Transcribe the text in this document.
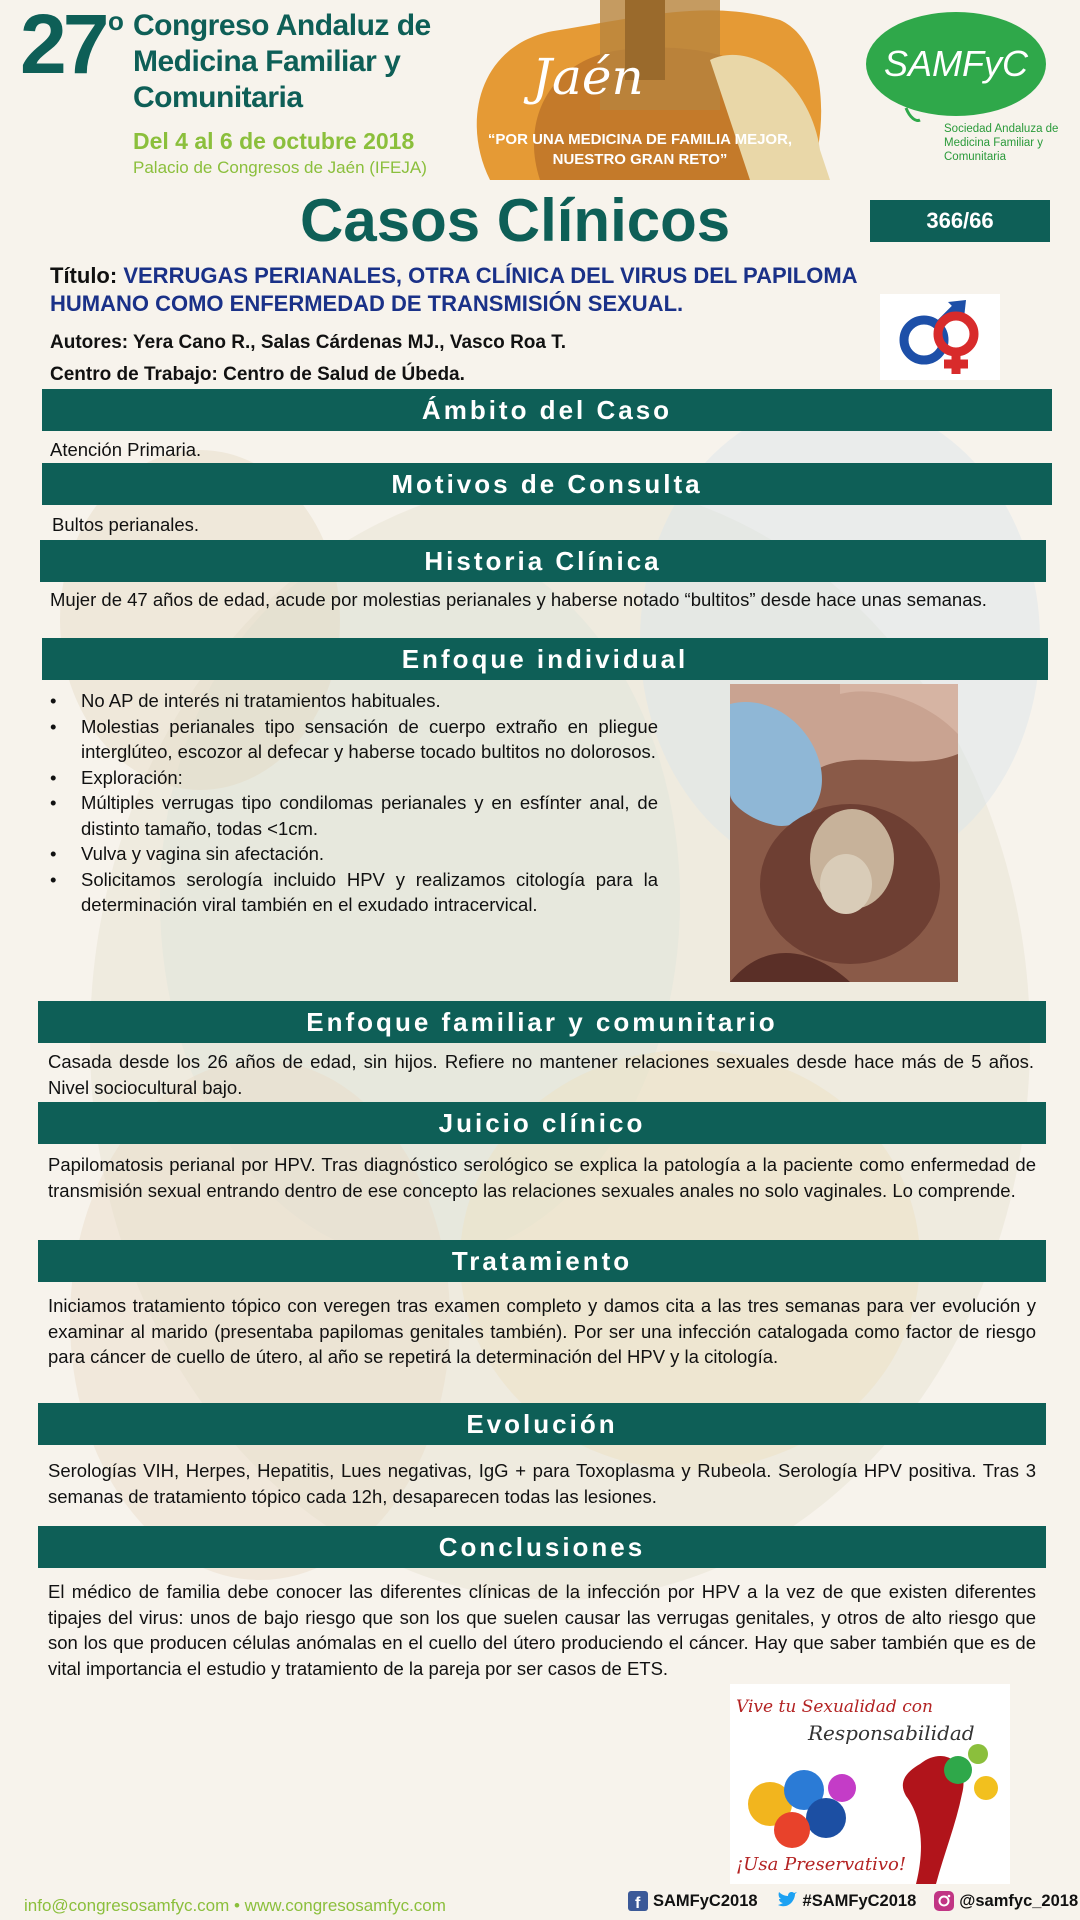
27 o Congreso Andaluz de Medicina Familiar y Comunitaria
Del 4 al 6 de octubre 2018
Palacio de Congresos de Jaén (IFEJA)
Jaén
“POR UNA MEDICINA DE FAMILIA MEJOR, NUESTRO GRAN RETO”
SAMFyC
Sociedad Andaluza de Medicina Familiar y Comunitaria
Casos Clínicos	366/66
Título: VERRUGAS PERIANALES, OTRA CLÍNICA DEL VIRUS DEL PAPILOMA HUMANO COMO ENFERMEDAD DE TRANSMISIÓN SEXUAL.
Autores: Yera Cano R., Salas Cárdenas MJ., Vasco Roa T.
Centro de Trabajo: Centro de Salud de Úbeda.
Ámbito del Caso
Atención Primaria.
Motivos de Consulta
Bultos perianales.
Historia Clínica
Mujer de 47 años de edad, acude por molestias perianales y haberse notado “bultitos” desde hace unas semanas.
Enfoque individual
• No AP de interés ni tratamientos habituales.
• Molestias perianales tipo sensación de cuerpo extraño en pliegue interglúteo, escozor al defecar y haberse tocado bultitos no dolorosos.
• Exploración:
• Múltiples verrugas tipo condilomas perianales y en esfínter anal, de distinto tamaño, todas <1cm.
• Vulva y vagina sin afectación.
• Solicitamos serología incluido HPV y realizamos citología para la determinación viral también en el exudado intracervical.
Enfoque familiar y comunitario
Casada desde los 26 años de edad, sin hijos. Refiere no mantener relaciones sexuales desde hace más de 5 años. Nivel sociocultural bajo.
Juicio clínico
Papilomatosis perianal por HPV. Tras diagnóstico serológico se explica la patología a la paciente como enfermedad de transmisión sexual entrando dentro de ese concepto las relaciones sexuales anales no solo vaginales. Lo comprende.
Tratamiento
Iniciamos tratamiento tópico con veregen tras examen completo y damos cita a las tres semanas para ver evolución y examinar al marido (presentaba papilomas genitales también). Por ser una infección catalogada como factor de riesgo para cáncer de cuello de útero, al año se repetirá la determinación del HPV y la citología.
Evolución
Serologías VIH, Herpes, Hepatitis, Lues negativas, IgG + para Toxoplasma y Rubeola. Serología HPV positiva. Tras 3 semanas de tratamiento tópico cada 12h, desaparecen todas las lesiones.
Conclusiones
El médico de familia debe conocer las diferentes clínicas de la infección por HPV a la vez de que existen diferentes tipajes del virus: unos de bajo riesgo que son los que suelen causar las verrugas genitales, y otros de alto riesgo que son los que producen células anómalas en el cuello del útero produciendo el cáncer. Hay que saber también que es de vital importancia el estudio y tratamiento de la pareja por ser casos de ETS.
Vive tu Sexualidad con
Responsabilidad
¡Usa Preservativo!
info@congresosamfyc.com • www.congresosamfyc.com	f SAMFyC2018	#SAMFyC2018	@samfyc_2018
